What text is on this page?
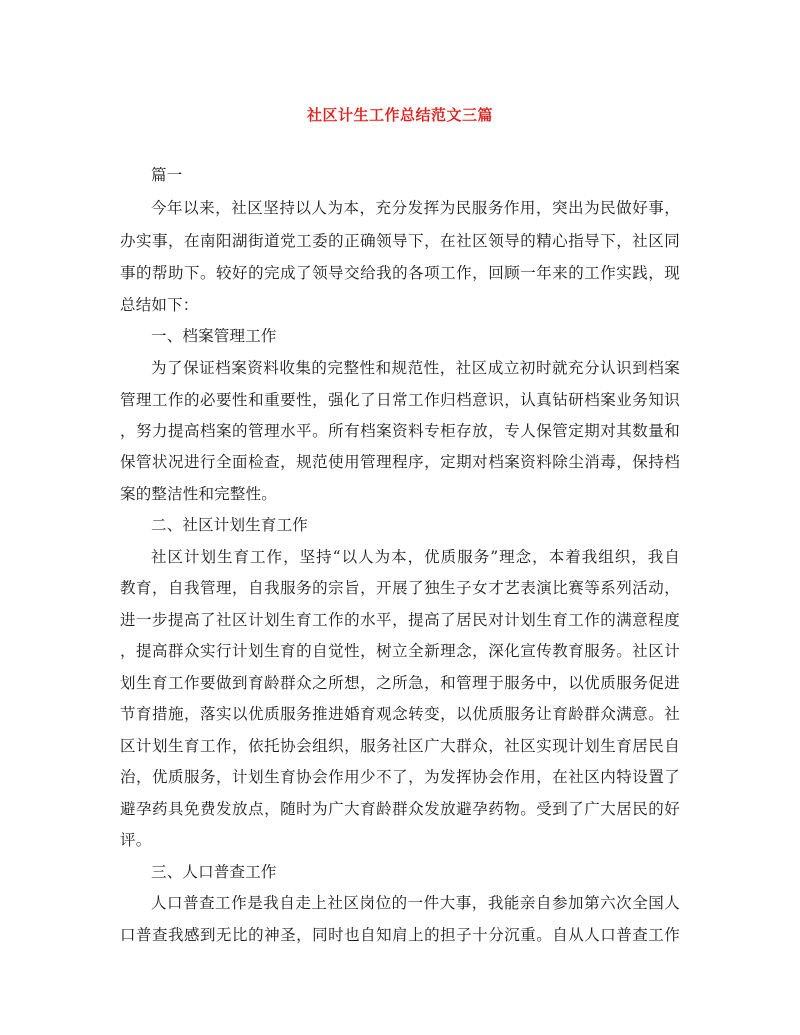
社区计生工作总结范文三篇

篇一

今年以来，社区坚持以人为本，充分发挥为民服务作用，突出为民做好事，

办实事，在南阳湖街道党工委的正确领导下，在社区领导的精心指导下，社区同

事的帮助下。较好的完成了领导交给我的各项工作，回顾一年来的工作实践，现

总结如下：

一、档案管理工作

为了保证档案资料收集的完整性和规范性，社区成立初时就充分认识到档案

管理工作的必要性和重要性，强化了日常工作归档意识，认真钻研档案业务知识

，努力提高档案的管理水平。所有档案资料专柜存放，专人保管定期对其数量和

保管状况进行全面检查，规范使用管理程序，定期对档案资料除尘消毒，保持档

案的整洁性和完整性。

二、社区计划生育工作

社区计划生育工作，坚持“以人为本，优质服务”理念，本着我组织，我自

教育，自我管理，自我服务的宗旨，开展了独生子女才艺表演比赛等系列活动，

进一步提高了社区计划生育工作的水平，提高了居民对计划生育工作的满意程度

，提高群众实行计划生育的自觉性，树立全新理念，深化宣传教育服务。社区计

划生育工作要做到育龄群众之所想，之所急，和管理于服务中，以优质服务促进

节育措施，落实以优质服务推进婚育观念转变，以优质服务让育龄群众满意。社

区计划生育工作，依托协会组织，服务社区广大群众，社区实现计划生育居民自

治，优质服务，计划生育协会作用少不了，为发挥协会作用，在社区内特设置了

避孕药具免费发放点，随时为广大育龄群众发放避孕药物。受到了广大居民的好

评。

三、人口普查工作

人口普查工作是我自走上社区岗位的一件大事，我能亲自参加第六次全国人

口普查我感到无比的神圣，同时也自知肩上的担子十分沉重。自从人口普查工作
